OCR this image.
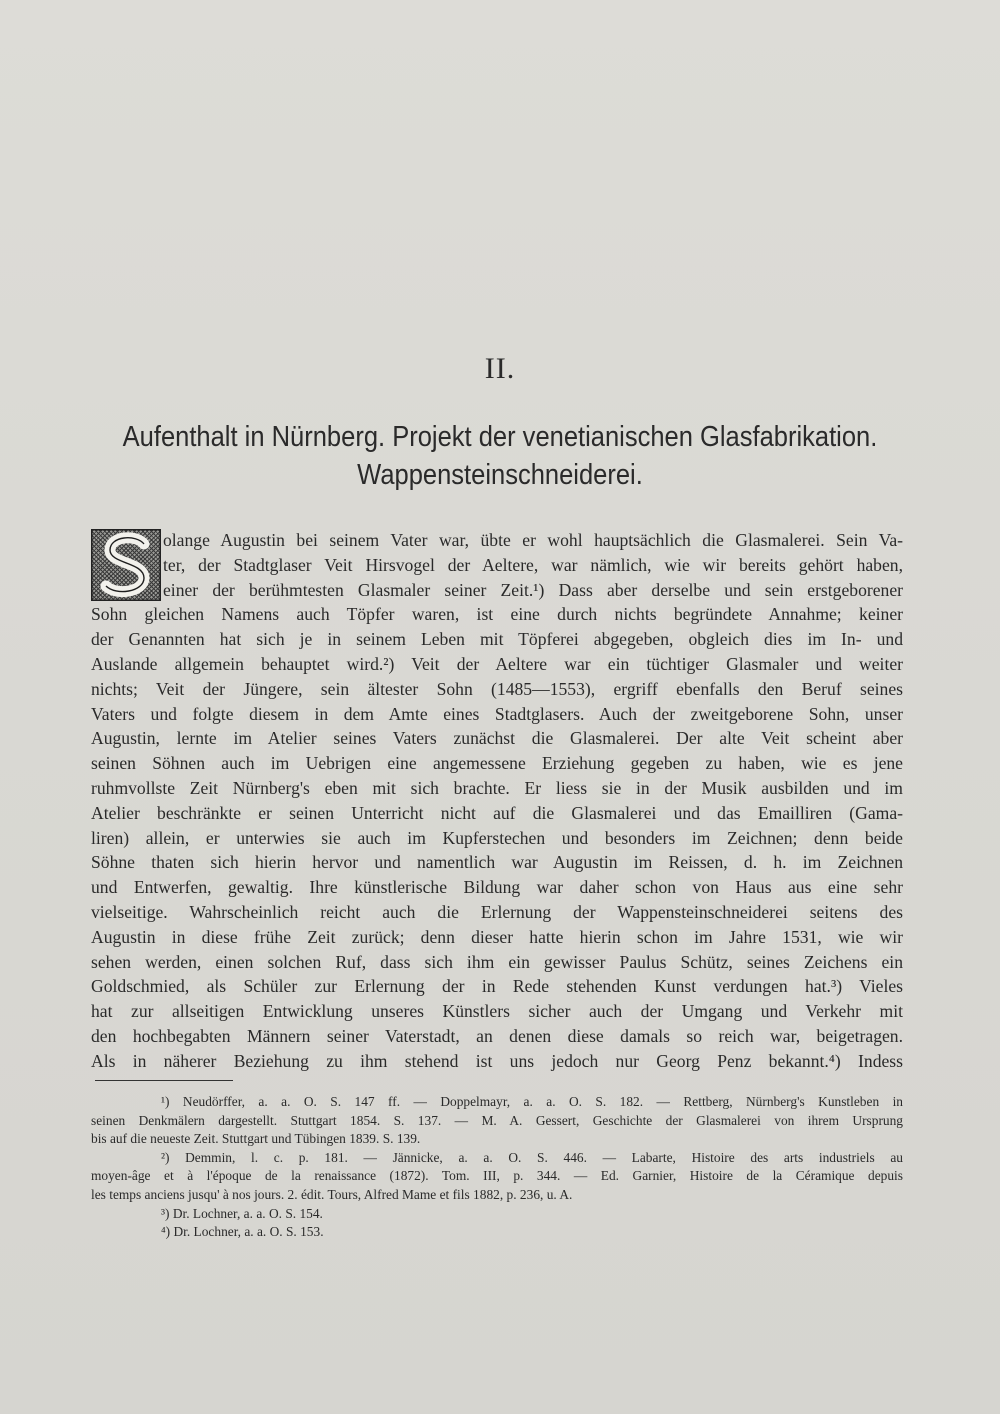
II.
Aufenthalt in Nürnberg. Projekt der venetianischen Glasfabrikation.
Wappensteinschneiderei.
S
olange Augustin bei seinem Vater war, übte er wohl hauptsächlich die Glasmalerei. Sein Va-
ter, der Stadtglaser Veit Hirsvogel der Aeltere, war nämlich, wie wir bereits gehört haben,
einer der berühmtesten Glasmaler seiner Zeit.¹) Dass aber derselbe und sein erstgeborener
Sohn gleichen Namens auch Töpfer waren, ist eine durch nichts begründete Annahme; keiner
der Genannten hat sich je in seinem Leben mit Töpferei abgegeben, obgleich dies im In- und
Auslande allgemein behauptet wird.²) Veit der Aeltere war ein tüchtiger Glasmaler und weiter
nichts; Veit der Jüngere, sein ältester Sohn (1485—1553), ergriff ebenfalls den Beruf seines
Vaters und folgte diesem in dem Amte eines Stadtglasers. Auch der zweitgeborene Sohn, unser
Augustin, lernte im Atelier seines Vaters zunächst die Glasmalerei. Der alte Veit scheint aber
seinen Söhnen auch im Uebrigen eine angemessene Erziehung gegeben zu haben, wie es jene
ruhmvollste Zeit Nürnberg's eben mit sich brachte. Er liess sie in der Musik ausbilden und im
Atelier beschränkte er seinen Unterricht nicht auf die Glasmalerei und das Emailliren (Gama-
liren) allein, er unterwies sie auch im Kupferstechen und besonders im Zeichnen; denn beide
Söhne thaten sich hierin hervor und namentlich war Augustin im Reissen, d. h. im Zeichnen
und Entwerfen, gewaltig. Ihre künstlerische Bildung war daher schon von Haus aus eine sehr
vielseitige. Wahrscheinlich reicht auch die Erlernung der Wappensteinschneiderei seitens des
Augustin in diese frühe Zeit zurück; denn dieser hatte hierin schon im Jahre 1531, wie wir
sehen werden, einen solchen Ruf, dass sich ihm ein gewisser Paulus Schütz, seines Zeichens ein
Goldschmied, als Schüler zur Erlernung der in Rede stehenden Kunst verdungen hat.³) Vieles
hat zur allseitigen Entwicklung unseres Künstlers sicher auch der Umgang und Verkehr mit
den hochbegabten Männern seiner Vaterstadt, an denen diese damals so reich war, beigetragen.
Als in näherer Beziehung zu ihm stehend ist uns jedoch nur Georg Penz bekannt.⁴) Indess
¹) Neudörffer, a. a. O. S. 147 ff. — Doppelmayr, a. a. O. S. 182. — Rettberg, Nürnberg's Kunstleben in
seinen Denkmälern dargestellt. Stuttgart 1854. S. 137. — M. A. Gessert, Geschichte der Glasmalerei von ihrem Ursprung
bis auf die neueste Zeit. Stuttgart und Tübingen 1839. S. 139.
²) Demmin, l. c. p. 181. — Jännicke, a. a. O. S. 446. — Labarte, Histoire des arts industriels au
moyen-âge et à l'époque de la renaissance (1872). Tom. III, p. 344. — Ed. Garnier, Histoire de la Céramique depuis
les temps anciens jusqu' à nos jours. 2. édit. Tours, Alfred Mame et fils 1882, p. 236, u. A.
³) Dr. Lochner, a. a. O. S. 154.
⁴) Dr. Lochner, a. a. O. S. 153.
